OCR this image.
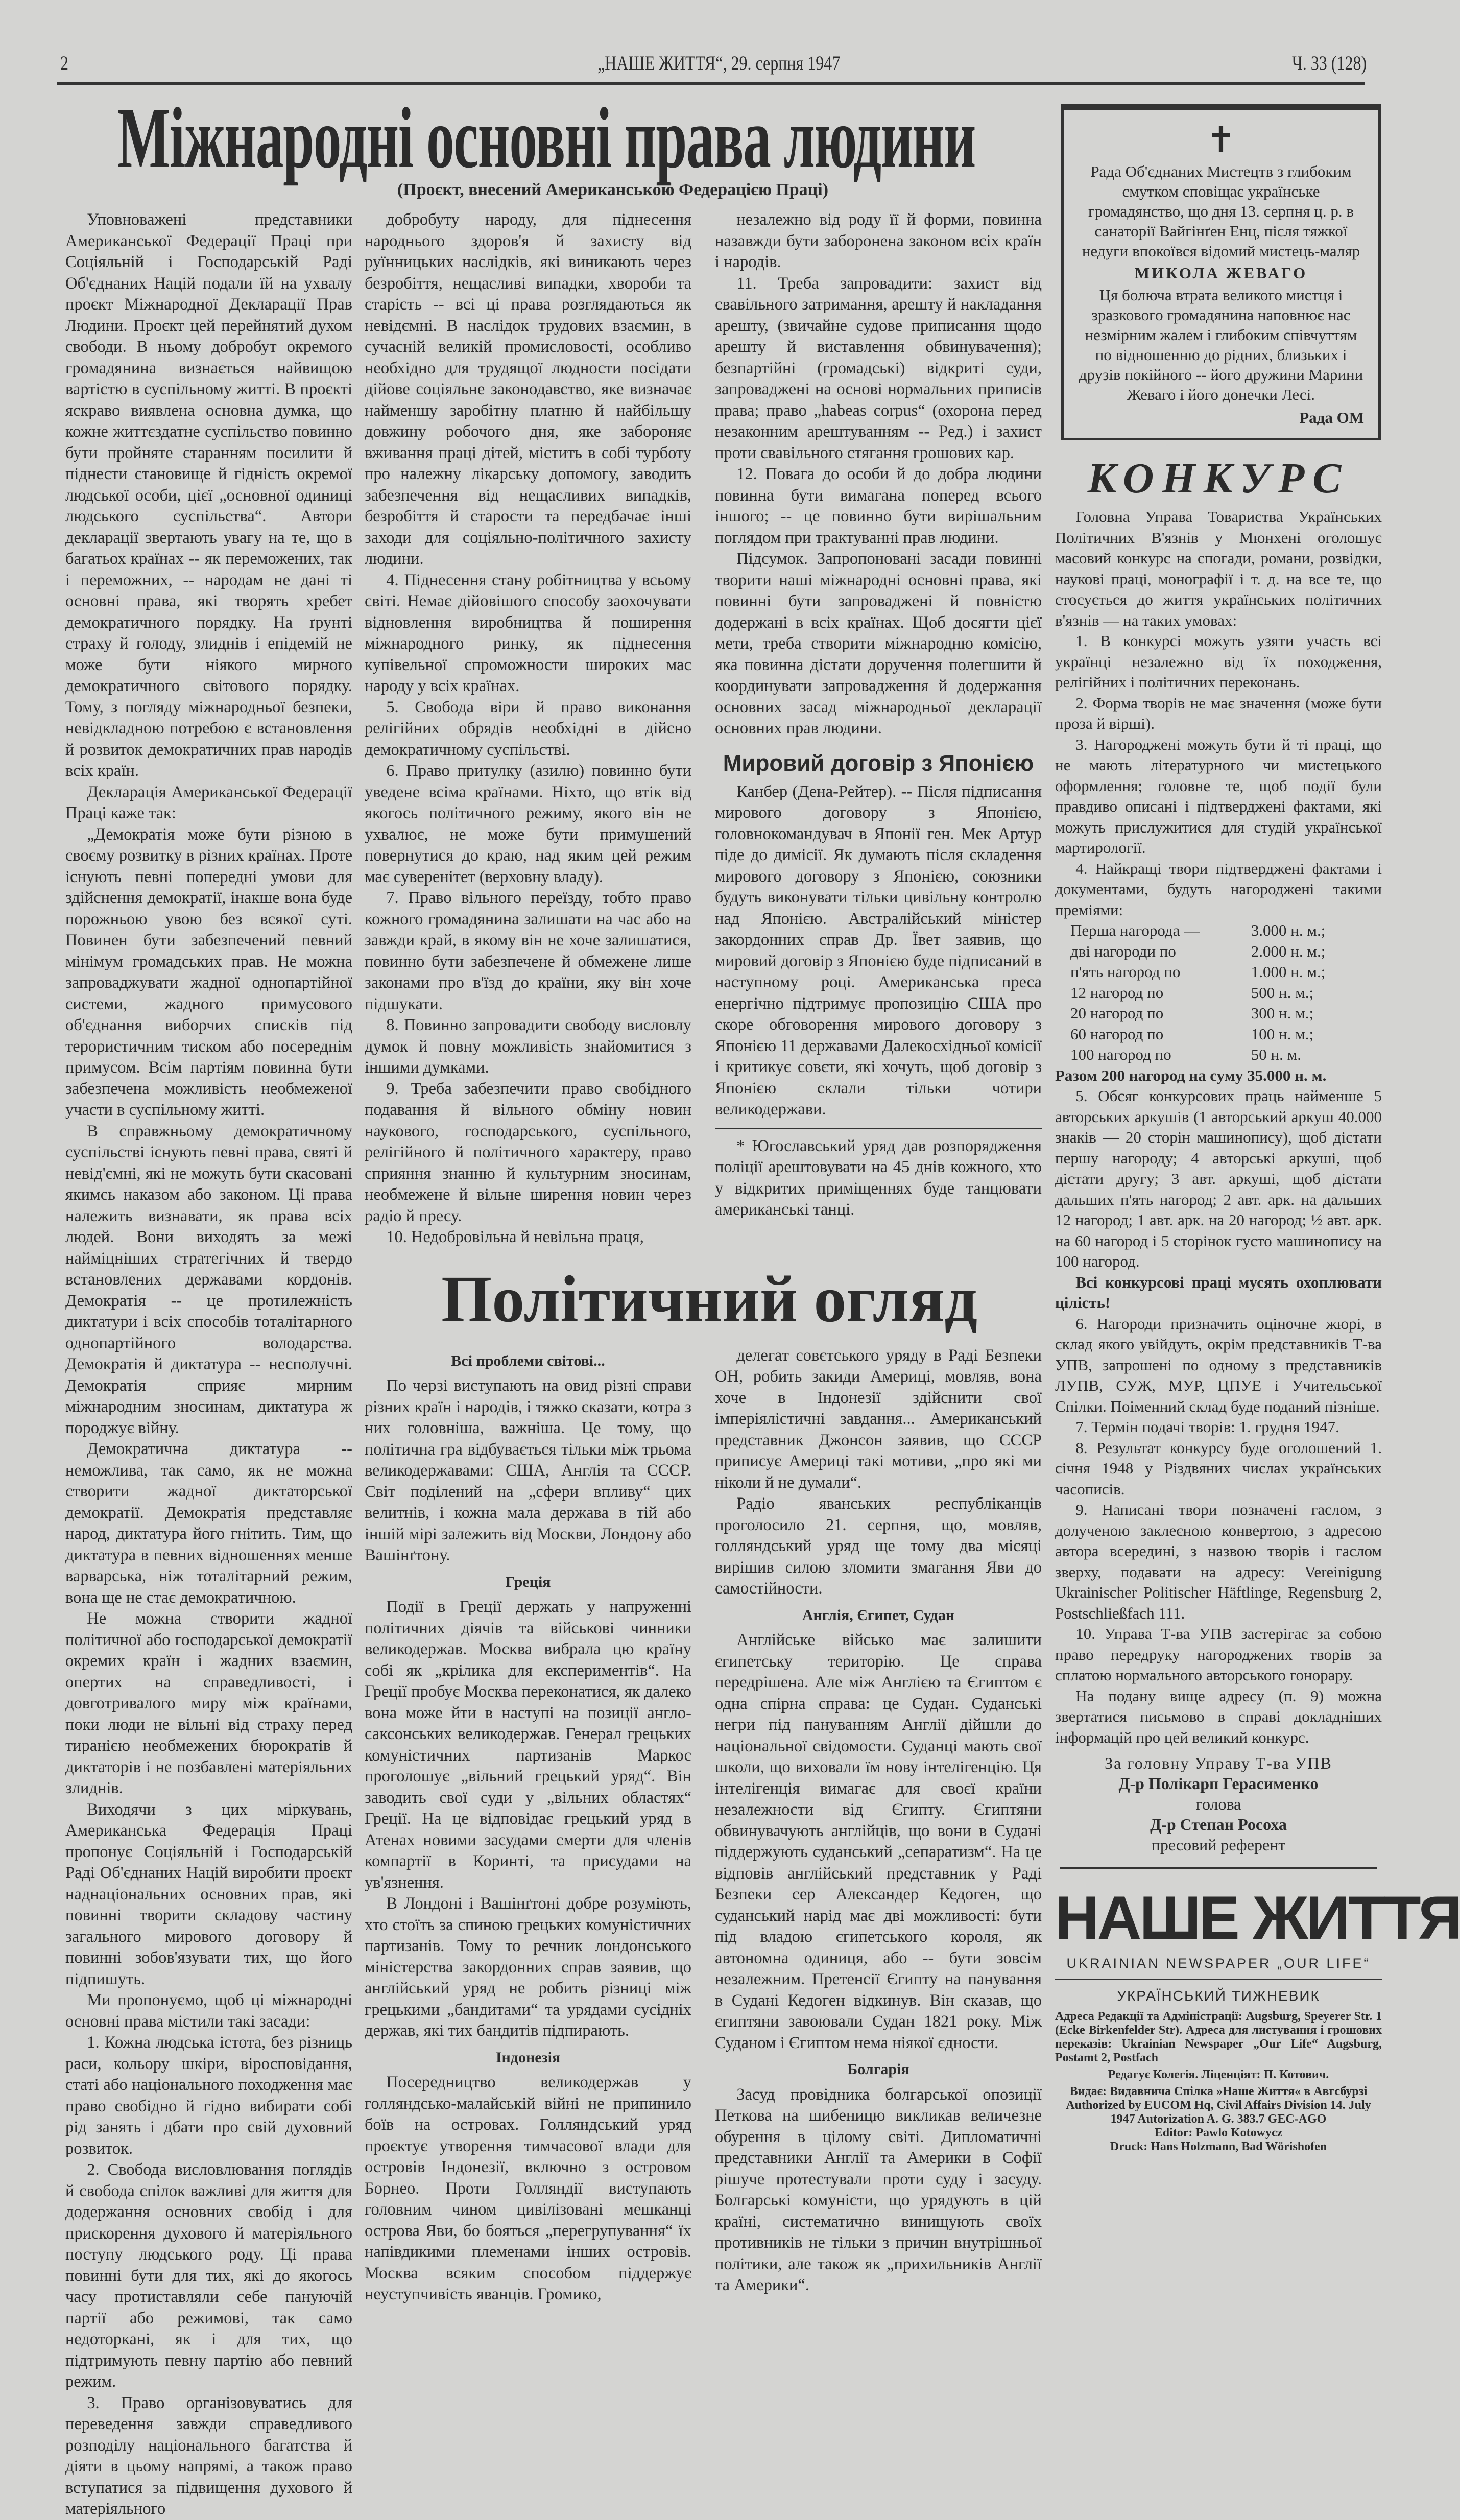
2	„НАШЕ ЖИТТЯ“, 29. серпня 1947	Ч. 33 (128)
Міжнародні основні права людини
(Проєкт, внесений Американською Федерацією Праці)

Уповноважені представники Американської Федерації Праці при Соціяльній і Господарській Раді Об'єднаних Націй подали їй на ухвалу проєкт Міжнародної Декларації Прав Людини. Проєкт цей перейнятий духом свободи. В ньому добробут окремого громадянина визнається найвищою вартістю в суспільному житті. В проєкті яскраво виявлена основна думка, що кожне життєздатне суспільство повинно бути пройняте старанням посилити й піднести становище й гідність окремої людської особи, цієї „основної одиниці людського суспільства“. Автори декларації звертають увагу на те, що в багатьох країнах -- як переможених, так і переможних, -- народам не дані ті основні права, які творять хребет демократичного порядку. На ґрунті страху й голоду, злиднів і епідемій не може бути ніякого мирного демократичного світового порядку. Тому, з погляду міжнародньої безпеки, невідкладною потребою є встановлення й розвиток демократичних прав народів всіх країн.

Декларація Американської Федерації Праці каже так:

„Демократія може бути різною в своєму розвитку в різних країнах. Проте існують певні попередні умови для здійснення демократії, інакше вона буде порожньою увою без всякої суті. Повинен бути забезпечений певний мінімум громадських прав. Не можна запроваджувати жадної однопартійної системи, жадного примусового об'єднання виборчих списків під терористичним тиском або посереднім примусом. Всім партіям повинна бути забезпечена можливість необмеженої участи в суспільному житті.

В справжньому демократичному суспільстві існують певні права, святі й невід'ємні, які не можуть бути скасовані якимсь наказом або законом. Ці права належить визнавати, як права всіх людей. Вони виходять за межі найміцніших стратегічних й твердо встановлених державами кордонів. Демократія -- це протилежність диктатури і всіх способів тоталітарного однопартійного володарства. Демократія й диктатура -- несполучні. Демократія сприяє мирним міжнародним зносинам, диктатура ж породжує війну.

Демократична диктатура -- неможлива, так само, як не можна створити жадної диктаторської демократії. Демократія представляє народ, диктатура його гнітить. Тим, що диктатура в певних відношеннях менше варварська, ніж тоталітарний режим, вона ще не стає демократичною.

Не можна створити жадної політичної або господарської демократії окремих країн і жадних взаємин, опертих на справедливості, і довготривалого миру між країнами, поки люди не вільні від страху перед тиранією необмежених бюрократів й диктаторів і не позбавлені матеріяльних злиднів.

Виходячи з цих міркувань, Американська Федерація Праці пропонує Соціяльній і Господарській Раді Об'єднаних Націй виробити проєкт наднаціональних основних прав, які повинні творити складову частину загального мирового договору й повинні зобов'язувати тих, що його підпишуть.

Ми пропонуємо, щоб ці міжнародні основні права містили такі засади:

1. Кожна людська істота, без різниць раси, кольору шкіри, віросповідання, статі або національного походження має право свобідно й гідно вибирати собі рід занять і дбати про свій духовний розвиток.

2. Свобода висловлювання поглядів й свобода спілок важливі для життя для додержання основних свобід і для прискорення духового й матеріяльного поступу людського роду. Ці права повинні бути для тих, які до якогось часу протиставляли себе пануючій партії або режимові, так само недоторкані, як і для тих, що підтримують певну партію або певний режим.

3. Право організовуватись для переведення завжди справедливого розподілу національного багатства й діяти в цьому напрямі, а також право вступатися за підвищення духового й матеріяльного

добробуту народу, для піднесення народнього здоров'я й захисту від руїнницьких наслідків, які виникають через безробіття, нещасливі випадки, хвороби та старість -- всі ці права розглядаються як невідємні. В наслідок трудових взаємин, в сучасній великій промисловості, особливо необхідно для трудящої людности посідати дійове соціяльне законодавство, яке визначає найменшу заробітну платню й найбільшу довжину робочого дня, яке забороняє вживання праці дітей, містить в собі турботу про належну лікарську допомогу, заводить забезпечення від нещасливих випадків, безробіття й старости та передбачає інші заходи для соціяльно-політичного захисту людини.

4. Піднесення стану робітництва у всьому світі. Немає дійовішого способу заохочувати відновлення виробництва й поширення міжнародного ринку, як піднесення купівельної спроможности широких мас народу у всіх країнах.

5. Свобода віри й право виконання релігійних обрядів необхідні в дійсно демократичному суспільстві.

6. Право притулку (азилю) повинно бути уведене всіма країнами. Ніхто, що втік від якогось політичного режиму, якого він не ухвалює, не може бути примушений повернутися до краю, над яким цей режим має суверенітет (верховну владу).

7. Право вільного переїзду, тобто право кожного громадянина залишати на час або на завжди край, в якому він не хоче залишатися, повинно бути забезпечене й обмежене лише законами про в'їзд до країни, яку він хоче підшукати.

8. Повинно запровадити свободу висловлу думок й повну можливість знайомитися з іншими думками.

9. Треба забезпечити право свобідного подавання й вільного обміну новин наукового, господарського, суспільного, релігійного й політичного характеру, право сприяння знанню й культурним зносинам, необмежене й вільне ширення новин через радіо й пресу.

10. Недобровільна й невільна праця,

незалежно від роду її й форми, повинна назавжди бути заборонена законом всіх країн і народів.

11. Треба запровадити: захист від свавільного затримання, арешту й накладання арешту, (звичайне судове приписання щодо арешту й виставлення обвинувачення); безпартійні (громадські) відкриті суди, запроваджені на основі нормальних приписів права; право „habeas corpus“ (охорона перед незаконним арештуванням -- Ред.) і захист проти свавільного стягання грошових кар.

12. Повага до особи й до добра людини повинна бути вимагана поперед всього іншого; -- це повинно бути вирішальним поглядом при трактуванні прав людини.

Підсумок. Запропоновані засади повинні творити наші міжнародні основні права, які повинні бути запроваджені й повністю додержані в всіх країнах. Щоб досягти цієї мети, треба створити міжнародню комісію, яка повинна дістати доручення полегшити й координувати запровадження й додержання основних засад міжнародньої декларації основних прав людини.

Мировий договір з Японією

Канбер (Дена-Рейтер). -- Після підписання мирового договору з Японією, головнокомандувач в Японії ген. Мек Артур піде до димісії. Як думають після складення мирового договору з Японією, союзники будуть виконувати тільки цивільну контролю над Японією. Австралійський міністер закордонних справ Др. Ївет заявив, що мировий договір з Японією буде підписаний в наступному році. Американська преса енергічно підтримує пропозицію США про скоре обговорення мирового договору з Японією 11 державами Далекосхідньої комісії і критикує совєти, які хочуть, щоб договір з Японією склали тільки чотири великодержави.

* Югославський уряд дав розпорядження поліції арештовувати на 45 днів кожного, хто у відкритих приміщеннях буде танцювати американські танці.

Політичний огляд

Всі проблеми світові...

По черзі виступають на овид різні справи різних країн і народів, і тяжко сказати, котра з них головніша, важніша. Це тому, що політична гра відбувається тільки між трьома великодержавами: США, Англія та СССР. Світ поділений на „сфери впливу“ цих велитнів, і кожна мала держава в тій або іншій мірі залежить від Москви, Лондону або Вашінґтону.

Греція

Події в Греції держать у напруженні політичних діячів та військові чинники великодержав. Москва вибрала цю країну собі як „крілика для експериментів“. На Греції пробує Москва переконатися, як далеко вона може йти в наступі на позиції англо-саксонських великодержав. Генерал грецьких комуністичних партизанів Маркос проголошує „вільний грецький уряд“. Він заводить свої суди у „вільних областях“ Греції. На це відповідає грецький уряд в Атенах новими засудами смерти для членів компартії в Коринті, та присудами на ув'язнення.

В Лондоні і Вашінґтоні добре розуміють, хто стоїть за спиною грецьких комуністичних партизанів. Тому то речник лондонського міністерства закордонних справ заявив, що англійський уряд не робить різниці між грецькими „бандитами“ та урядами сусідніх держав, які тих бандитів підпирають.

Індонезія

Посередництво великодержав у голляндсько-малайській війні не припинило боїв на островах. Голляндський уряд проєктує утворення тимчасової влади для островів Індонезії, включно з островом Борнео. Проти Голляндії виступають головним чином цивілізовані мешканці острова Яви, бо бояться „перегрупування“ їх напівдикими племенами інших островів. Москва всяким способом піддержує неуступчивість яванців. Громико,

делегат совєтського уряду в Раді Безпеки ОН, робить закиди Америці, мовляв, вона хоче в Індонезії здійснити свої імперіялістичні завдання... Американський представник Джонсон заявив, що СССР приписує Америці такі мотиви, „про які ми ніколи й не думали“.

Радіо яванських республіканців проголосило 21. серпня, що, мовляв, голляндський уряд ще тому два місяці вирішив силою зломити змагання Яви до самостійности.

Англія, Єгипет, Судан

Англійське військо має залишити єгипетську територію. Це справа передрішена. Але між Англією та Єгиптом є одна спірна справа: це Судан. Суданські негри під пануванням Англії дійшли до національної свідомости. Суданці мають свої школи, що виховали їм нову інтелігенцію. Ця інтелігенція вимагає для своєї країни незалежности від Єгипту. Єгиптяни обвинувачують англійців, що вони в Судані піддержують суданський „сепаратизм“. На це відповів англійський представник у Раді Безпеки сер Александер Кедоген, що суданський нарід має дві можливості: бути під владою єгипетського короля, як автономна одиниця, або -- бути зовсім незалежним. Претенсії Єгипту на панування в Судані Кедоген відкинув. Він сказав, що єгиптяни завоювали Судан 1821 року. Між Суданом і Єгиптом нема ніякої єдности.

Болгарія

Засуд провідника болгарської опозиції Петкова на шибеницю викликав величезне обурення в цілому світі. Дипломатичні представники Англії та Америки в Софії рішуче протестували проти суду і засуду. Болгарські комуністи, що урядують в цій країні, систематично винищують своїх противників не тільки з причин внутрішньої політики, але також як „прихильників Англії та Америки“.

✝
Рада Об'єднаних Мистецтв з глибоким смутком сповіщає українське громадянство, що дня 13. серпня ц. р. в санаторії Вайгінґен Енц, після тяжкої недуги впокоївся відомий мистець-маляр
МИКОЛА ЖЕВАГО
Ця болюча втрата великого мистця і зразкового громадянина наповнює нас незмірним жалем і глибоким співчуттям по відношенню до рідних, близьких і друзів покійного -- його дружини Марини Жеваго і його донечки Лесі.
Рада ОМ
КОНКУРС

Головна Управа Товариства Українських Політичних В'язнів у Мюнхені оголошує масовий конкурс на спогади, романи, розвідки, наукові праці, монографії і т. д. на все те, що стосується до життя українських політичних в'язнів — на таких умовах:

1. В конкурсі можуть узяти участь всі українці незалежно від їх походження, релігійних і політичних переконань.

2. Форма творів не має значення (може бути проза й вірші).

3. Нагороджені можуть бути й ті праці, що не мають літературного чи мистецького оформлення; головне те, щоб події були правдиво описані і підтверджені фактами, які можуть прислужитися для студій української мартирології.

4. Найкращі твори підтверджені фактами і документами, будуть нагороджені такими преміями:

Перша нагорода —	3.000 н. м.;
дві нагороди по	2.000 н. м.;
п'ять нагород по	1.000 н. м.;
12 нагород по	500 н. м.;
20 нагород по	300 н. м.;
60 нагород по	100 н. м.;
100 нагород по	50 н. м.

Разом 200 нагород на суму 35.000 н. м.

5. Обсяг конкурсових праць найменше 5 авторських аркушів (1 авторський аркуш 40.000 знаків — 20 сторін машинопису), щоб дістати першу нагороду; 4 авторські аркуші, щоб дістати другу; 3 авт. аркуші, щоб дістати дальших п'ять нагород; 2 авт. арк. на дальших 12 нагород; 1 авт. арк. на 20 нагород; ½ авт. арк. на 60 нагород і 5 сторінок густо машинопису на 100 нагород.

Всі конкурсові праці мусять охоплювати цілість!

6. Нагороди призначить оціночне жюрі, в склад якого увійдуть, окрім представників Т-ва УПВ, запрошені по одному з представників ЛУПВ, СУЖ, МУР, ЦПУЕ і Учительської Спілки. Поіменний склад буде поданий пізніше.

7. Термін подачі творів: 1. грудня 1947.

8. Результат конкурсу буде оголошений 1. січня 1948 у Різдвяних числах українських часописів.

9. Написані твори позначені гаслом, з долученою заклеєною конвертою, з адресою автора всередині, з назвою творів і гаслом зверху, подавати на адресу: Vereinigung Ukrainischer Politischer Häftlinge, Regensburg 2, Postschließfach 111.

10. Управа Т-ва УПВ застерігає за собою право передруку нагороджених творів за сплатою нормального авторського гонорару.

На подану вище адресу (п. 9) можна звертатися письмово в справі докладніших інформацій про цей великий конкурс.

За головну Управу Т-ва УПВ
Д-р Полікарп Герасименко
голова
Д-р Степан Росоха
пресовий референт
НАШЕ ЖИТТЯ
UKRAINIAN NEWSPAPER „OUR LIFE“
УКРАЇНСЬКИЙ ТИЖНЕВИК
Адреса Редакції та Адміністрації: Augsburg, Speyerer Str. 1 (Ecke Birkenfelder Str). Адреса для листування і грошових переказів: Ukrainian Newspaper „Our Life“ Augsburg, Postamt 2, Postfach
Редагує Колегія. Ліценціят: П. Котович.
Видає: Видавнича Спілка »Наше Життя« в Авгсбурзі
Authorized by EUCOM Hq, Civil Affairs Division 14. July 1947 Autorization A. G. 383.7 GEC-AGO
Editor: Pawlo Kotowycz
Druck: Hans Holzmann, Bad Wörishofen
